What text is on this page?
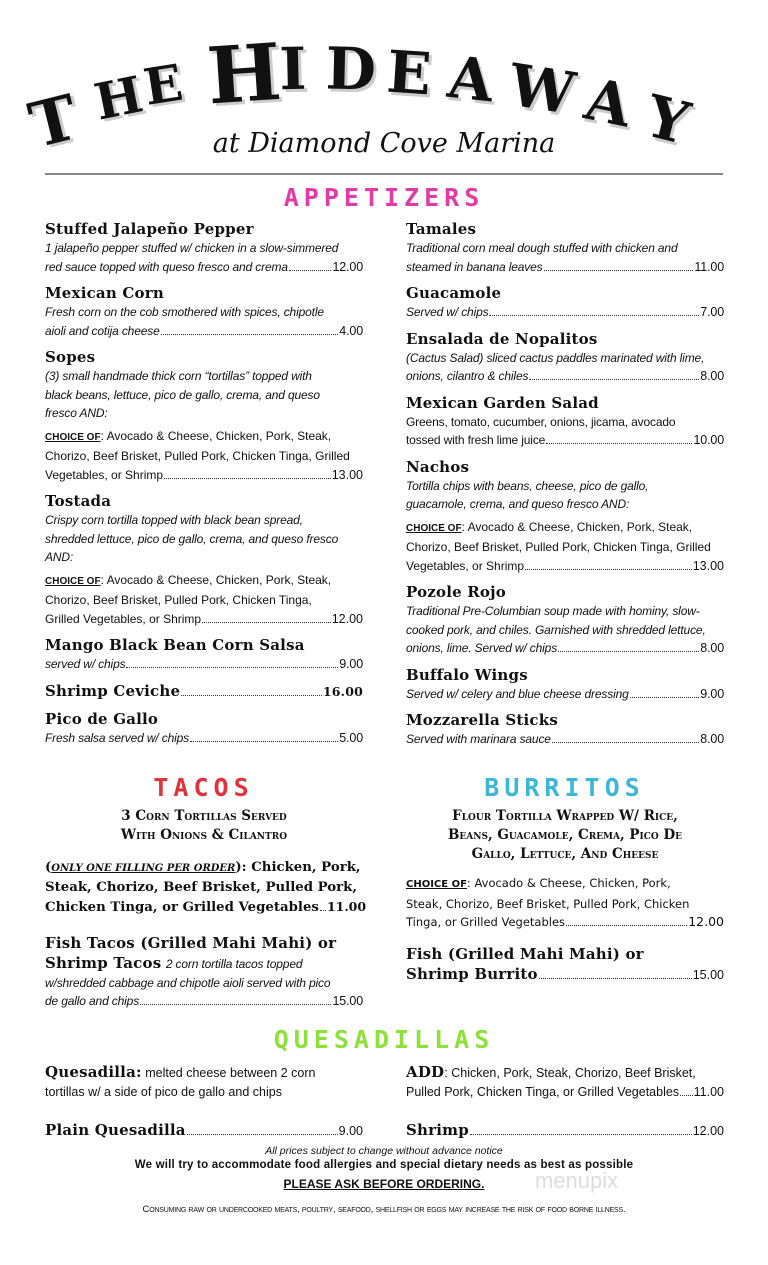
T H
E H
I D E A W A Y
at Diamond Cove Marina
APPETIZERS
Stuffed Jalapeño Pepper
1 jalapeño pepper stuffed w/ chicken in a slow-simmered
red sauce topped with queso fresco and crema	12.00
Mexican Corn
Fresh corn on the cob smothered with spices, chipotle
aioli and cotija cheese	4.00
Sopes
(3) small handmade thick corn “tortillas” topped with
black beans, lettuce, pico de gallo, crema, and queso
fresco AND:
CHOICE OF: Avocado & Cheese, Chicken, Pork, Steak,
Chorizo, Beef Brisket, Pulled Pork, Chicken Tinga, Grilled
Vegetables, or Shrimp	13.00
Tostada
Crispy corn tortilla topped with black bean spread,
shredded lettuce, pico de gallo, crema, and queso fresco
AND:
CHOICE OF: Avocado & Cheese, Chicken, Pork, Steak,
Chorizo, Beef Brisket, Pulled Pork, Chicken Tinga,
Grilled Vegetables, or Shrimp	12.00
Mango Black Bean Corn Salsa
served w/ chips	9.00
Shrimp Ceviche	16.00
Pico de Gallo
Fresh salsa served w/ chips	5.00
Tamales
Traditional corn meal dough stuffed with chicken and
steamed in banana leaves	11.00
Guacamole
Served w/ chips	7.00
Ensalada de Nopalitos
(Cactus Salad) sliced cactus paddles marinated with lime,
onions, cilantro & chiles	8.00
Mexican Garden Salad
Greens, tomato, cucumber, onions, jicama, avocado
tossed with fresh lime juice	10.00
Nachos
Tortilla chips with beans, cheese, pico de gallo,
guacamole, crema, and queso fresco AND:
CHOICE OF: Avocado & Cheese, Chicken, Pork, Steak,
Chorizo, Beef Brisket, Pulled Pork, Chicken Tinga, Grilled
Vegetables, or Shrimp	13.00
Pozole Rojo
Traditional Pre-Columbian soup made with hominy, slow-
cooked pork, and chiles. Garnished with shredded lettuce,
onions, lime. Served w/ chips	8.00
Buffalo Wings
Served w/ celery and blue cheese dressing	9.00
Mozzarella Sticks
Served with marinara sauce	8.00
TACOS
3 Corn Tortillas Served
With Onions & Cilantro
(ONLY ONE FILLING PER ORDER): Chicken, Pork,
Steak, Chorizo, Beef Brisket, Pulled Pork,
Chicken Tinga, or Grilled Vegetables 11.00
Fish Tacos (Grilled Mahi Mahi) or
Shrimp Tacos 2 corn tortilla tacos topped
w/shredded cabbage and chipotle aioli served with pico
de gallo and chips	15.00
BURRITOS
Flour Tortilla Wrapped W/ Rice,
Beans, Guacamole, Crema, Pico De
Gallo, Lettuce, And Cheese
CHOICE OF: Avocado & Cheese, Chicken, Pork,
Steak, Chorizo, Beef Brisket, Pulled Pork, Chicken
Tinga, or Grilled Vegetables	12.00
Fish (Grilled Mahi Mahi) or
Shrimp Burrito	15.00
QUESADILLAS
Quesadilla: melted cheese between 2 corn
tortillas w/ a side of pico de gallo and chips
ADD: Chicken, Pork, Steak, Chorizo, Beef Brisket,
Pulled Pork, Chicken Tinga, or Grilled Vegetables 11.00
Plain Quesadilla	9.00	Shrimp	12.00
All prices subject to change without advance notice
We will try to accommodate food allergies and special dietary needs as best as possible
PLEASE ASK BEFORE ORDERING.	menupix
Consuming raw or undercooked meats, poultry, seafood, shellfish or eggs may increase the risk of food borne illness.
